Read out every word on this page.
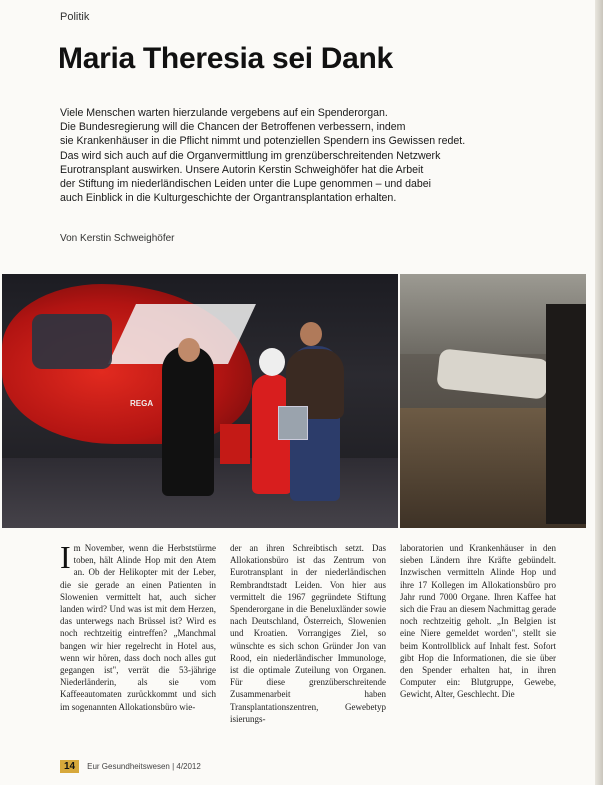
Politik
Maria Theresia sei Dank

Viele Menschen warten hierzulande vergebens auf ein Spenderorgan.

Die Bundesregierung will die Chancen der Betroffenen verbessern, indem

sie Krankenhäuser in die Pflicht nimmt und potenziellen Spendern ins Gewissen redet.

Das wird sich auch auf die Organvermittlung im grenzüberschreitenden Netzwerk

Eurotransplant auswirken. Unsere Autorin Kerstin Schweighöfer hat die Arbeit

der Stiftung im niederländischen Leiden unter die Lupe genommen – und dabei

auch Einblick in die Kulturgeschichte der Organtransplantation erhalten.

Von Kerstin Schweighöfer
REGA

Im November, wenn die Herbststürme toben, hält Alinde Hop mit den Atem an. Ob der Helikopter mit der Leber, die sie gerade an einen Patienten in Slowenien vermittelt hat, auch sicher landen wird? Und was ist mit dem Herzen, das unterwegs nach Brüssel ist? Wird es noch rechtzeitig eintreffen? „Manchmal bangen wir hier regelrecht in Hotel aus, wenn wir hören, dass doch noch alles gut gegangen ist", verrät die 53-jährige Niederländerin, als sie vom Kaffeeautomaten zurückkommt und sich im sogenannten Allokationsbüro wie-

der an ihren Schreibtisch setzt. Das Allokationsbüro ist das Zentrum von Eurotransplant in der niederländischen Rembrandtstadt Leiden. Von hier aus vermittelt die 1967 gegründete Stiftung Spenderorgane in die Beneluxländer sowie nach Deutschland, Österreich, Slowenien und Kroatien. Vorrangiges Ziel, so wünschte es sich schon Gründer Jon van Rood, ein niederländischer Immunologe, ist die optimale Zuteilung von Organen. Für diese grenzüberschreitende Zusammenarbeit haben Transplantationszentren, Gewebetyp isierungs-

laboratorien und Krankenhäuser in den sieben Ländern ihre Kräfte gebündelt. Inzwischen vermitteln Alinde Hop und ihre 17 Kollegen im Allokationsbüro pro Jahr rund 7000 Organe. Ihren Kaffee hat sich die Frau an diesem Nachmittag gerade noch rechtzeitig geholt. „In Belgien ist eine Niere gemeldet worden", stellt sie beim Kontrollblick auf Inhalt fest. Sofort gibt Hop die Informationen, die sie über den Spender erhalten hat, in ihren Computer ein: Blutgruppe, Gewebe, Gewicht, Alter, Geschlecht. Die

14	Eur Gesundheitswesen | 4/2012
